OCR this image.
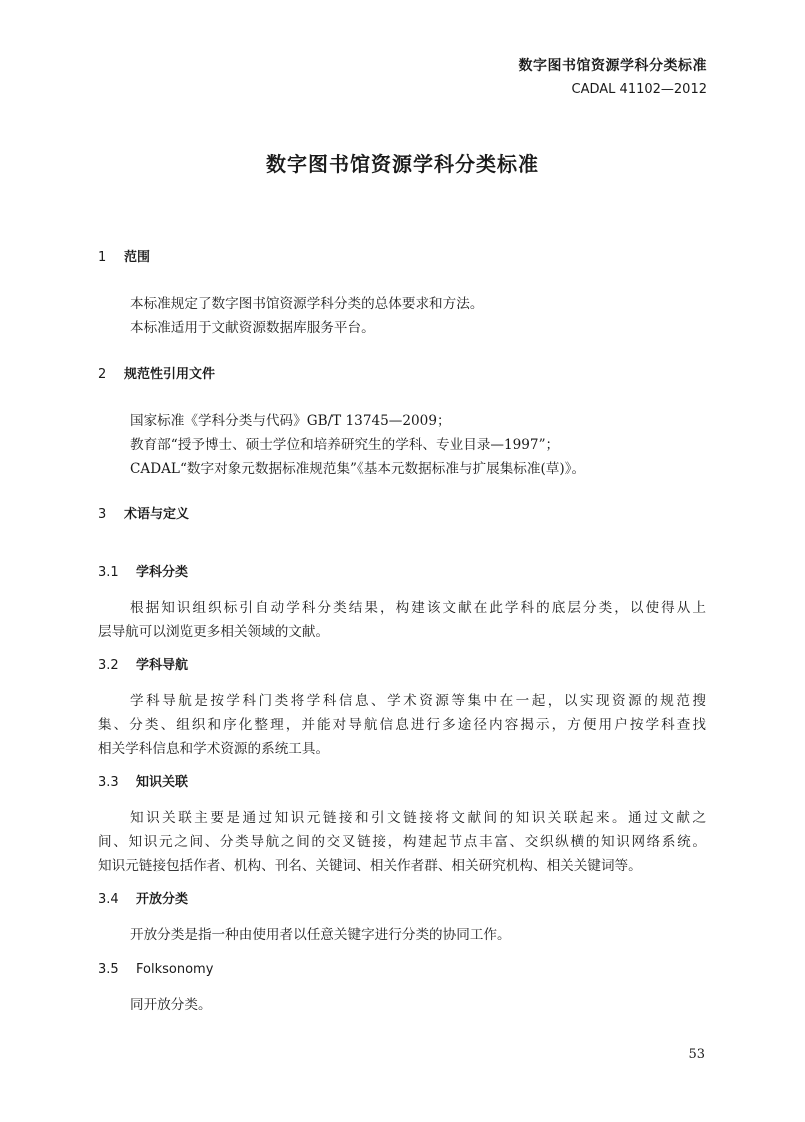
数字图书馆资源学科分类标准
CADAL 41102—2012
数字图书馆资源学科分类标准
1 范围
本标准规定了数字图书馆资源学科分类的总体要求和方法。
本标准适用于文献资源数据库服务平台。
2 规范性引用文件
国家标准《学科分类与代码》GB/T 13745—2009；
教育部“授予博士、硕士学位和培养研究生的学科、专业目录—1997”；
CADAL“数字对象元数据标准规范集”《基本元数据标准与扩展集标准(草)》。
3 术语与定义
3.1 学科分类
根据知识组织标引自动学科分类结果，构建该文献在此学科的底层分类，以使得从上
层导航可以浏览更多相关领域的文献。
3.2 学科导航
学科导航是按学科门类将学科信息、学术资源等集中在一起，以实现资源的规范搜
集、分类、组织和序化整理，并能对导航信息进行多途径内容揭示，方便用户按学科查找
相关学科信息和学术资源的系统工具。
3.3 知识关联
知识关联主要是通过知识元链接和引文链接将文献间的知识关联起来。通过文献之
间、知识元之间、分类导航之间的交叉链接，构建起节点丰富、交织纵横的知识网络系统。
知识元链接包括作者、机构、刊名、关键词、相关作者群、相关研究机构、相关关键词等。
3.4 开放分类
开放分类是指一种由使用者以任意关键字进行分类的协同工作。
3.5 Folksonomy
同开放分类。
53
